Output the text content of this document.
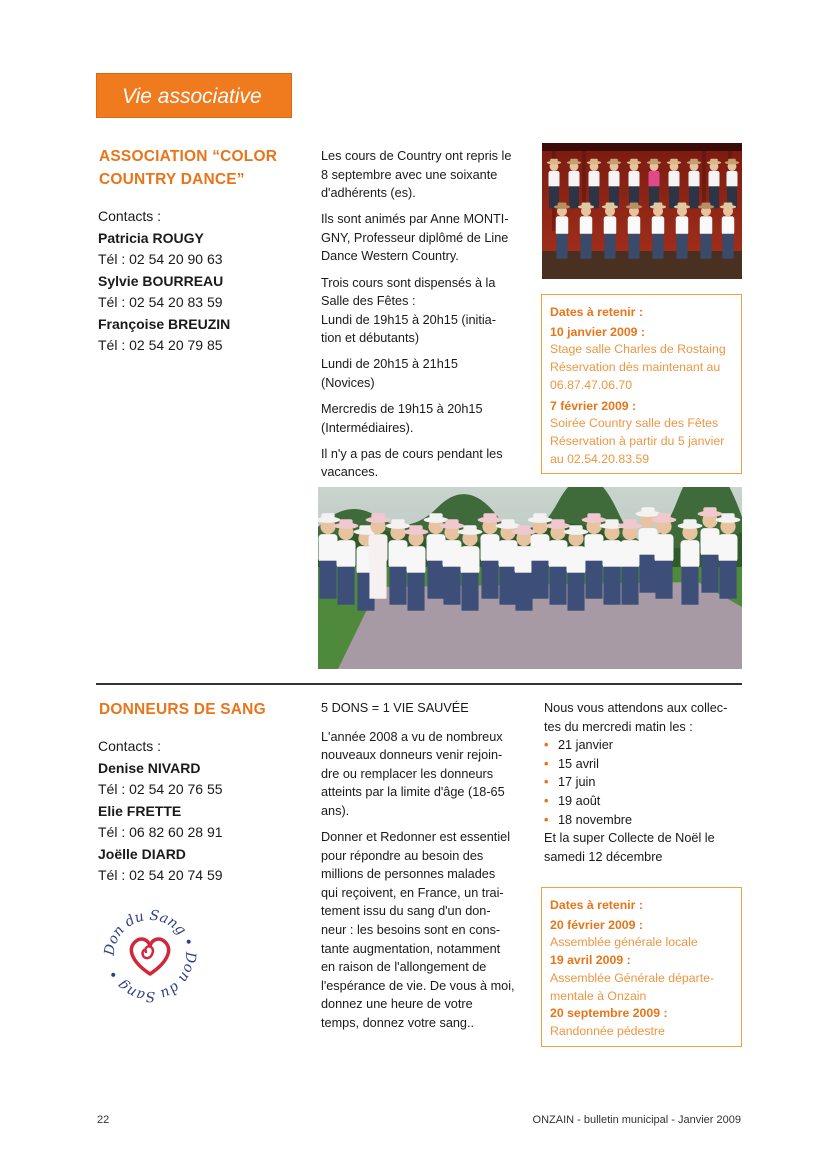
Vie associative
ASSOCIATION “COLOR
COUNTRY DANCE”
Contacts :
Patricia ROUGY
Tél : 02 54 20 90 63
Sylvie BOURREAU
Tél : 02 54 20 83 59
Françoise BREUZIN
Tél : 02 54 20 79 85

Les cours de Country ont repris le
8 septembre avec une soixante
d'adhérents (es).

Ils sont animés par Anne MONTI-
GNY, Professeur diplômé de Line
Dance Western Country.

Trois cours sont dispensés à la
Salle des Fêtes :
Lundi de 19h15 à 20h15 (initia-
tion et débutants)

Lundi de 20h15 à 21h15
(Novices)

Mercredis de 19h15 à 20h15
(Intermédiaires).

Il n'y a pas de cours pendant les
vacances.

Dates à retenir :
10 janvier 2009 :
Stage salle Charles de Rostaing
Réservation dès maintenant au
06.87.47.06.70
7 février 2009 :
Soirée Country salle des Fêtes
Réservation à partir du 5 janvier
au 02.54.20.83.59
DONNEURS DE SANG
Contacts :
Denise NIVARD
Tél : 02 54 20 76 55
Elie FRETTE
Tél : 06 82 60 28 91
Joëlle DIARD
Tél : 02 54 20 74 59
Don du Sang • Don du Sang •

5 DONS = 1 VIE SAUVÉE

L'année 2008 a vu de nombreux
nouveaux donneurs venir rejoin-
dre ou remplacer les donneurs
atteints par la limite d'âge (18-65
ans).

Donner et Redonner est essentiel
pour répondre au besoin des
millions de personnes malades
qui reçoivent, en France, un trai-
tement issu du sang d'un don-
neur : les besoins sont en cons-
tante augmentation, notamment
en raison de l'allongement de
l'espérance de vie. De vous à moi,
donnez une heure de votre
temps, donnez votre sang..

Nous vous attendons aux collec-
tes du mercredi matin les :
• 21 janvier
• 15 avril
• 17 juin
• 19 août
• 18 novembre
Et la super Collecte de Noël le
samedi 12 décembre
Dates à retenir :
20 février 2009 :
Assemblée générale locale
19 avril 2009 :
Assemblée Générale départe-
mentale à Onzain
20 septembre 2009 :
Randonnée pédestre
22	ONZAIN - bulletin municipal - Janvier 2009
